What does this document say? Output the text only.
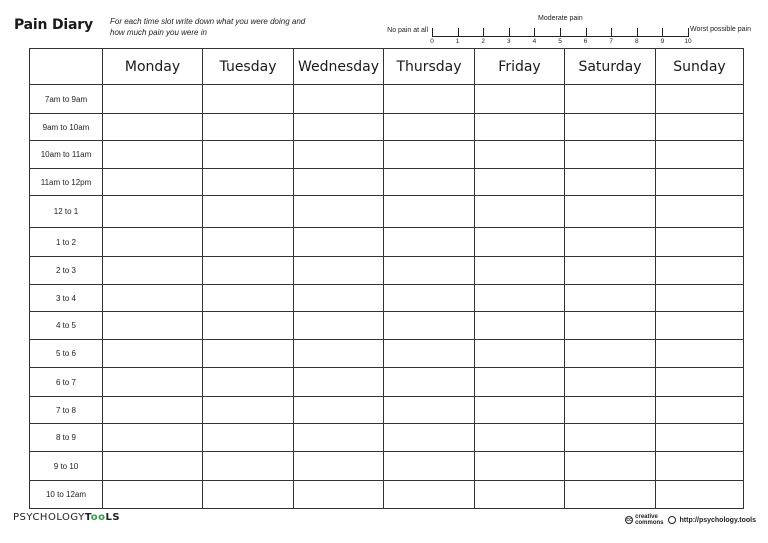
Pain Diary For each time slot write down what you were doing and how much pain you were in
Moderate pain
No pain at all	Worst possible pain
0	1	2	3	4	5	6	7	8	9	10
	Monday	Tuesday	Wednesday	Thursday	Friday	Saturday	Sunday
7am to 9am							
9am to 10am							
10am to 11am							
11am to 12pm							
12 to 1							
1 to 2							
2 to 3							
3 to 4							
4 to 5							
5 to 6							
6 to 7							
7 to 8							
8 to 9							
9 to 10							
10 to 12am							
PSYCHOLOGYTooLS	cc creative
commons http://psychology.tools
